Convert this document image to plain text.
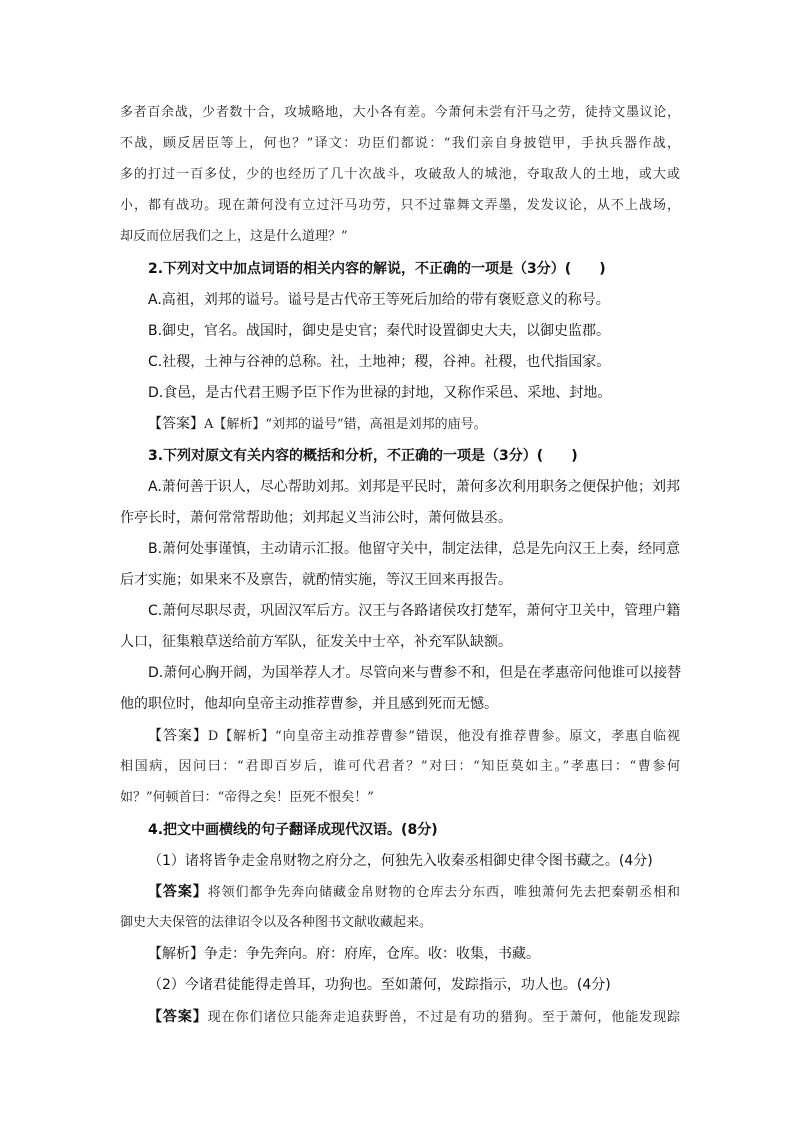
多者百余战，少者数十合，攻城略地，大小各有差。今萧何未尝有汗马之劳，徒持文墨议论，
不战，顾反居臣等上，何也？”译文：功臣们都说：“我们亲自身披铠甲，手执兵器作战，
多的打过一百多仗，少的也经历了几十次战斗，攻破敌人的城池，夺取敌人的土地，或大或
小，都有战功。现在萧何没有立过汗马功劳，只不过靠舞文弄墨，发发议论，从不上战场，
却反而位居我们之上，这是什么道理？”
2.下列对文中加点词语的相关内容的解说，不正确的一项是（3分）(　　)
A.高祖，刘邦的谥号。谥号是古代帝王等死后加给的带有褒贬意义的称号。
B.御史，官名。战国时，御史是史官；秦代时设置御史大夫，以御史监郡。
C.社稷，土神与谷神的总称。社，土地神；稷，谷神。社稷，也代指国家。
D.食邑，是古代君王赐予臣下作为世禄的封地，又称作采邑、采地、封地。
【答案】A【解析】“刘邦的谥号”错，高祖是刘邦的庙号。
3.下列对原文有关内容的概括和分析，不正确的一项是（3分）(　　)
A.萧何善于识人，尽心帮助刘邦。刘邦是平民时，萧何多次利用职务之便保护他；刘邦
作亭长时，萧何常常帮助他；刘邦起义当沛公时，萧何做县丞。
B.萧何处事谨慎，主动请示汇报。他留守关中，制定法律，总是先向汉王上奏，经同意
后才实施；如果来不及禀告，就酌情实施，等汉王回来再报告。
C.萧何尽职尽责，巩固汉军后方。汉王与各路诸侯攻打楚军，萧何守卫关中，管理户籍
人口，征集粮草送给前方军队，征发关中士卒，补充军队缺额。
D.萧何心胸开阔，为国举荐人才。尽管向来与曹参不和，但是在孝惠帝问他谁可以接替
他的职位时，他却向皇帝主动推荐曹参，并且感到死而无憾。
【答案】D【解析】“向皇帝主动推荐曹参”错误，他没有推荐曹参。原文，孝惠自临视
相国病，因问曰：“君即百岁后，谁可代君者？”对曰：“知臣莫如主。”孝惠曰：“曹参何
如？”何顿首曰：“帝得之矣！臣死不恨矣！”
4.把文中画横线的句子翻译成现代汉语。(8分)
（1）诸将皆争走金帛财物之府分之，何独先入收秦丞相御史律令图书藏之。(4分)
【答案】将领们都争先奔向储藏金帛财物的仓库去分东西，唯独萧何先去把秦朝丞相和
御史大夫保管的法律诏令以及各种图书文献收藏起来。
【解析】争走：争先奔向。府：府库，仓库。收：收集，书藏。
（2）今诸君徒能得走兽耳，功狗也。至如萧何，发踪指示，功人也。(4分)
【答案】现在你们诸位只能奔走追获野兽，不过是有功的猎狗。至于萧何，他能发现踪
